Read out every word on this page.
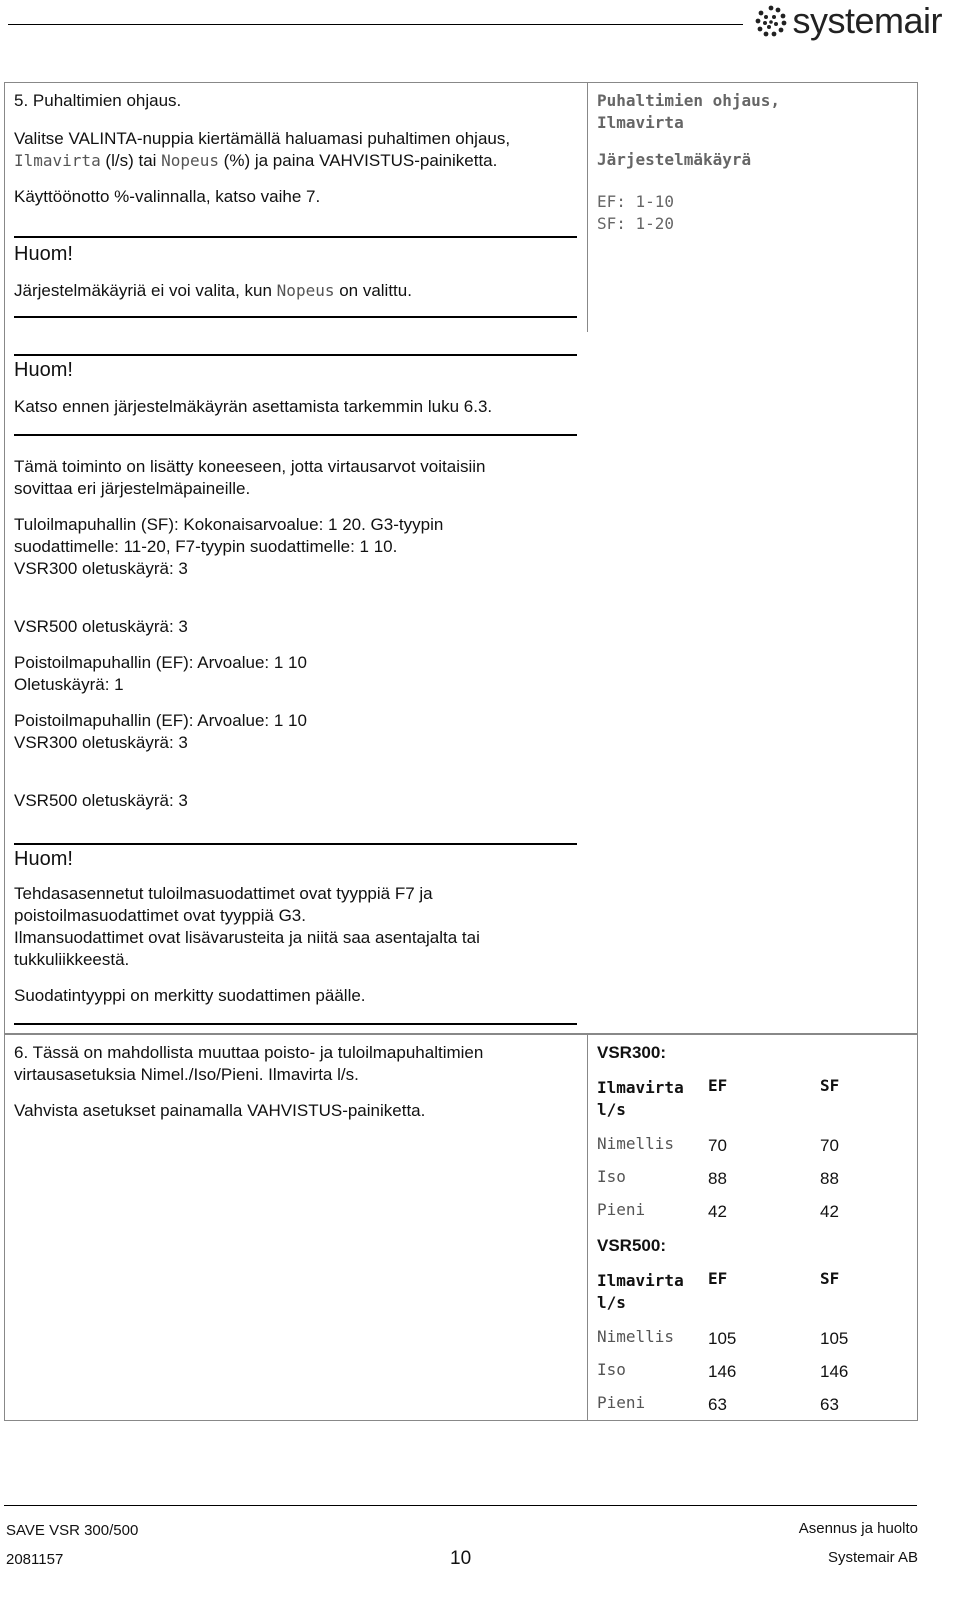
systemair

5. Puhaltimien ohjaus.

Valitse VALINTA-nuppia kiertämällä haluamasi puhaltimen ohjaus,

Ilmavirta (l/s) tai Nopeus (%) ja paina VAHVISTUS-painiketta.

Käyttöönotto %-valinnalla, katso vaihe 7.

Huom!

Järjestelmäkäyriä ei voi valita, kun Nopeus on valittu.

Puhaltimien ohjaus,

Ilmavirta

Järjestelmäkäyrä

EF: 1-10

SF: 1-20

Huom!

Katso ennen järjestelmäkäyrän asettamista tarkemmin luku 6.3.

Tämä toiminto on lisätty koneeseen, jotta virtausarvot voitaisiin

sovittaa eri järjestelmäpaineille.

Tuloilmapuhallin (SF): Kokonaisarvoalue: 1 20. G3-tyypin

suodattimelle: 11-20, F7-tyypin suodattimelle: 1 10.

VSR300 oletuskäyrä: 3

VSR500 oletuskäyrä: 3

Poistoilmapuhallin (EF): Arvoalue: 1 10

Oletuskäyrä: 1

Poistoilmapuhallin (EF): Arvoalue: 1 10

VSR300 oletuskäyrä: 3

VSR500 oletuskäyrä: 3

Huom!

Tehdasasennetut tuloilmasuodattimet ovat tyyppiä F7 ja

poistoilmasuodattimet ovat tyyppiä G3.

Ilmansuodattimet ovat lisävarusteita ja niitä saa asentajalta tai

tukkuliikkeestä.

Suodatintyyppi on merkitty suodattimen päälle.

6. Tässä on mahdollista muuttaa poisto- ja tuloilmapuhaltimien

virtausasetuksia Nimel./Iso/Pieni. Ilmavirta l/s.

Vahvista asetukset painamalla VAHVISTUS-painiketta.

VSR300:

Ilmavirta
l/s
EF	SF
Nimellis 70	70
Iso	88	88
Pieni	42	42

VSR500:

Ilmavirta
l/s
EF	SF
Nimellis 105	105
Iso	146	146
Pieni	63	63
SAVE VSR 300/500
2081157	10
Asennus ja huolto
Systemair AB
